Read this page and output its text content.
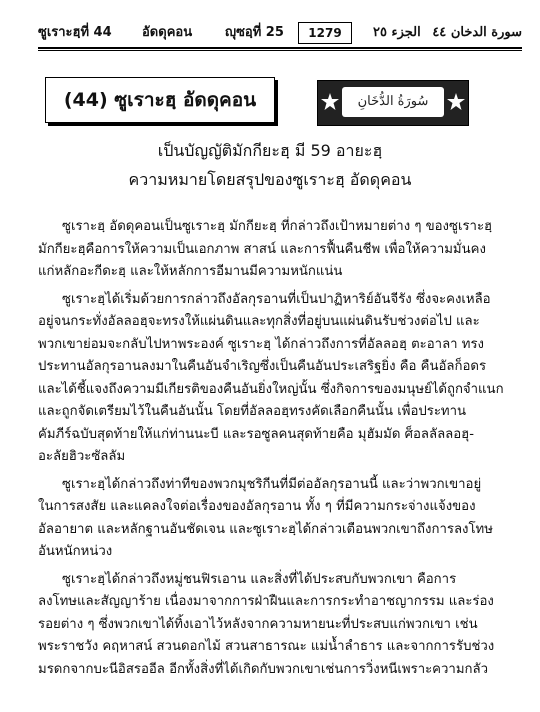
ซูเราะฮฺที่ 44 อัดดุคอน	ญุซอฺที่ 25	1279	الجزء ٢٥ سورة الدخان ٤٤
(44) ซูเราะฮฺ อัดดุคอน	سُورَةُ الدُّخَانِ
เป็นบัญญัติมักกียะฮฺ มี 59 อายะฮฺ
ความหมายโดยสรุปของซูเราะฮฺ อัดดุคอน

ซูเราะฮฺ อัดดุคอนเป็นซูเราะฮฺ มักกียะฮฺ ที่กล่าวถึงเป้าหมายต่าง ๆ ของซูเราะฮฺ
มักกียะฮฺคือการให้ความเป็นเอกภาพ สาสน์ และการฟื้นคืนชีพ เพื่อให้ความมั่นคง
แก่หลักอะกีดะฮฺ และให้หลักการอีมานมีความหนักแน่น

ซูเราะฮฺได้เริ่มด้วยการกล่าวถึงอัลกุรอานที่เป็นปาฏิหาริย์อันจีรัง ซึ่งจะคงเหลือ
อยู่จนกระทั่งอัลลอฮฺจะทรงให้แผ่นดินและทุกสิ่งที่อยู่บนแผ่นดินรับช่วงต่อไป และ
พวกเขาย่อมจะกลับไปหาพระองค์ ซูเราะฮฺ ได้กล่าวถึงการที่อัลลอฮฺ ตะอาลา ทรง
ประทานอัลกุรอานลงมาในคืนอันจำเริญซึ่งเป็นคืนอันประเสริฐยิ่ง คือ คืนอัลก็อดร
และได้ชี้แจงถึงความมีเกียรติของคืนอันยิ่งใหญ่นั้น ซึ่งกิจการของมนุษย์ได้ถูกจำแนก
และถูกจัดเตรียมไว้ในคืนอันนั้น โดยที่อัลลอฮฺทรงคัดเลือกคืนนั้น เพื่อประทาน
คัมภีร์ฉบับสุดท้ายให้แก่ท่านนะบี และรอซูลคนสุดท้ายคือ มุฮัมมัด ศ็อลลัลลอฮุ-
อะลัยฮิวะซัลลัม

ซูเราะฮฺได้กล่าวถึงท่าทีของพวกมุชริกีนที่มีต่ออัลกุรอานนี้ และว่าพวกเขาอยู่
ในการสงสัย และแคลงใจต่อเรื่องของอัลกุรอาน ทั้ง ๆ ที่มีความกระจ่างแจ้งของ
อัลอายาต และหลักฐานอันชัดเจน และซูเราะฮฺได้กล่าวเตือนพวกเขาถึงการลงโทษ
อันหนักหน่วง

ซูเราะฮฺได้กล่าวถึงหมู่ชนฟิรเอาน และสิ่งที่ได้ประสบกับพวกเขา คือการ
ลงโทษและสัญญาร้าย เนื่องมาจากการฝ่าฝืนและการกระทำอาชญากรรม และร่อง
รอยต่าง ๆ ซึ่งพวกเขาได้ทิ้งเอาไว้หลังจากความหายนะที่ประสบแก่พวกเขา เช่น
พระราชวัง คฤหาสน์ สวนดอกไม้ สวนสาธารณะ แม่น้ำลำธาร และจากการรับช่วง
มรดกจากบะนีอิสรออีล อีกทั้งสิ่งที่ได้เกิดกับพวกเขาเช่นการวิ่งหนีเพราะความกลัว
